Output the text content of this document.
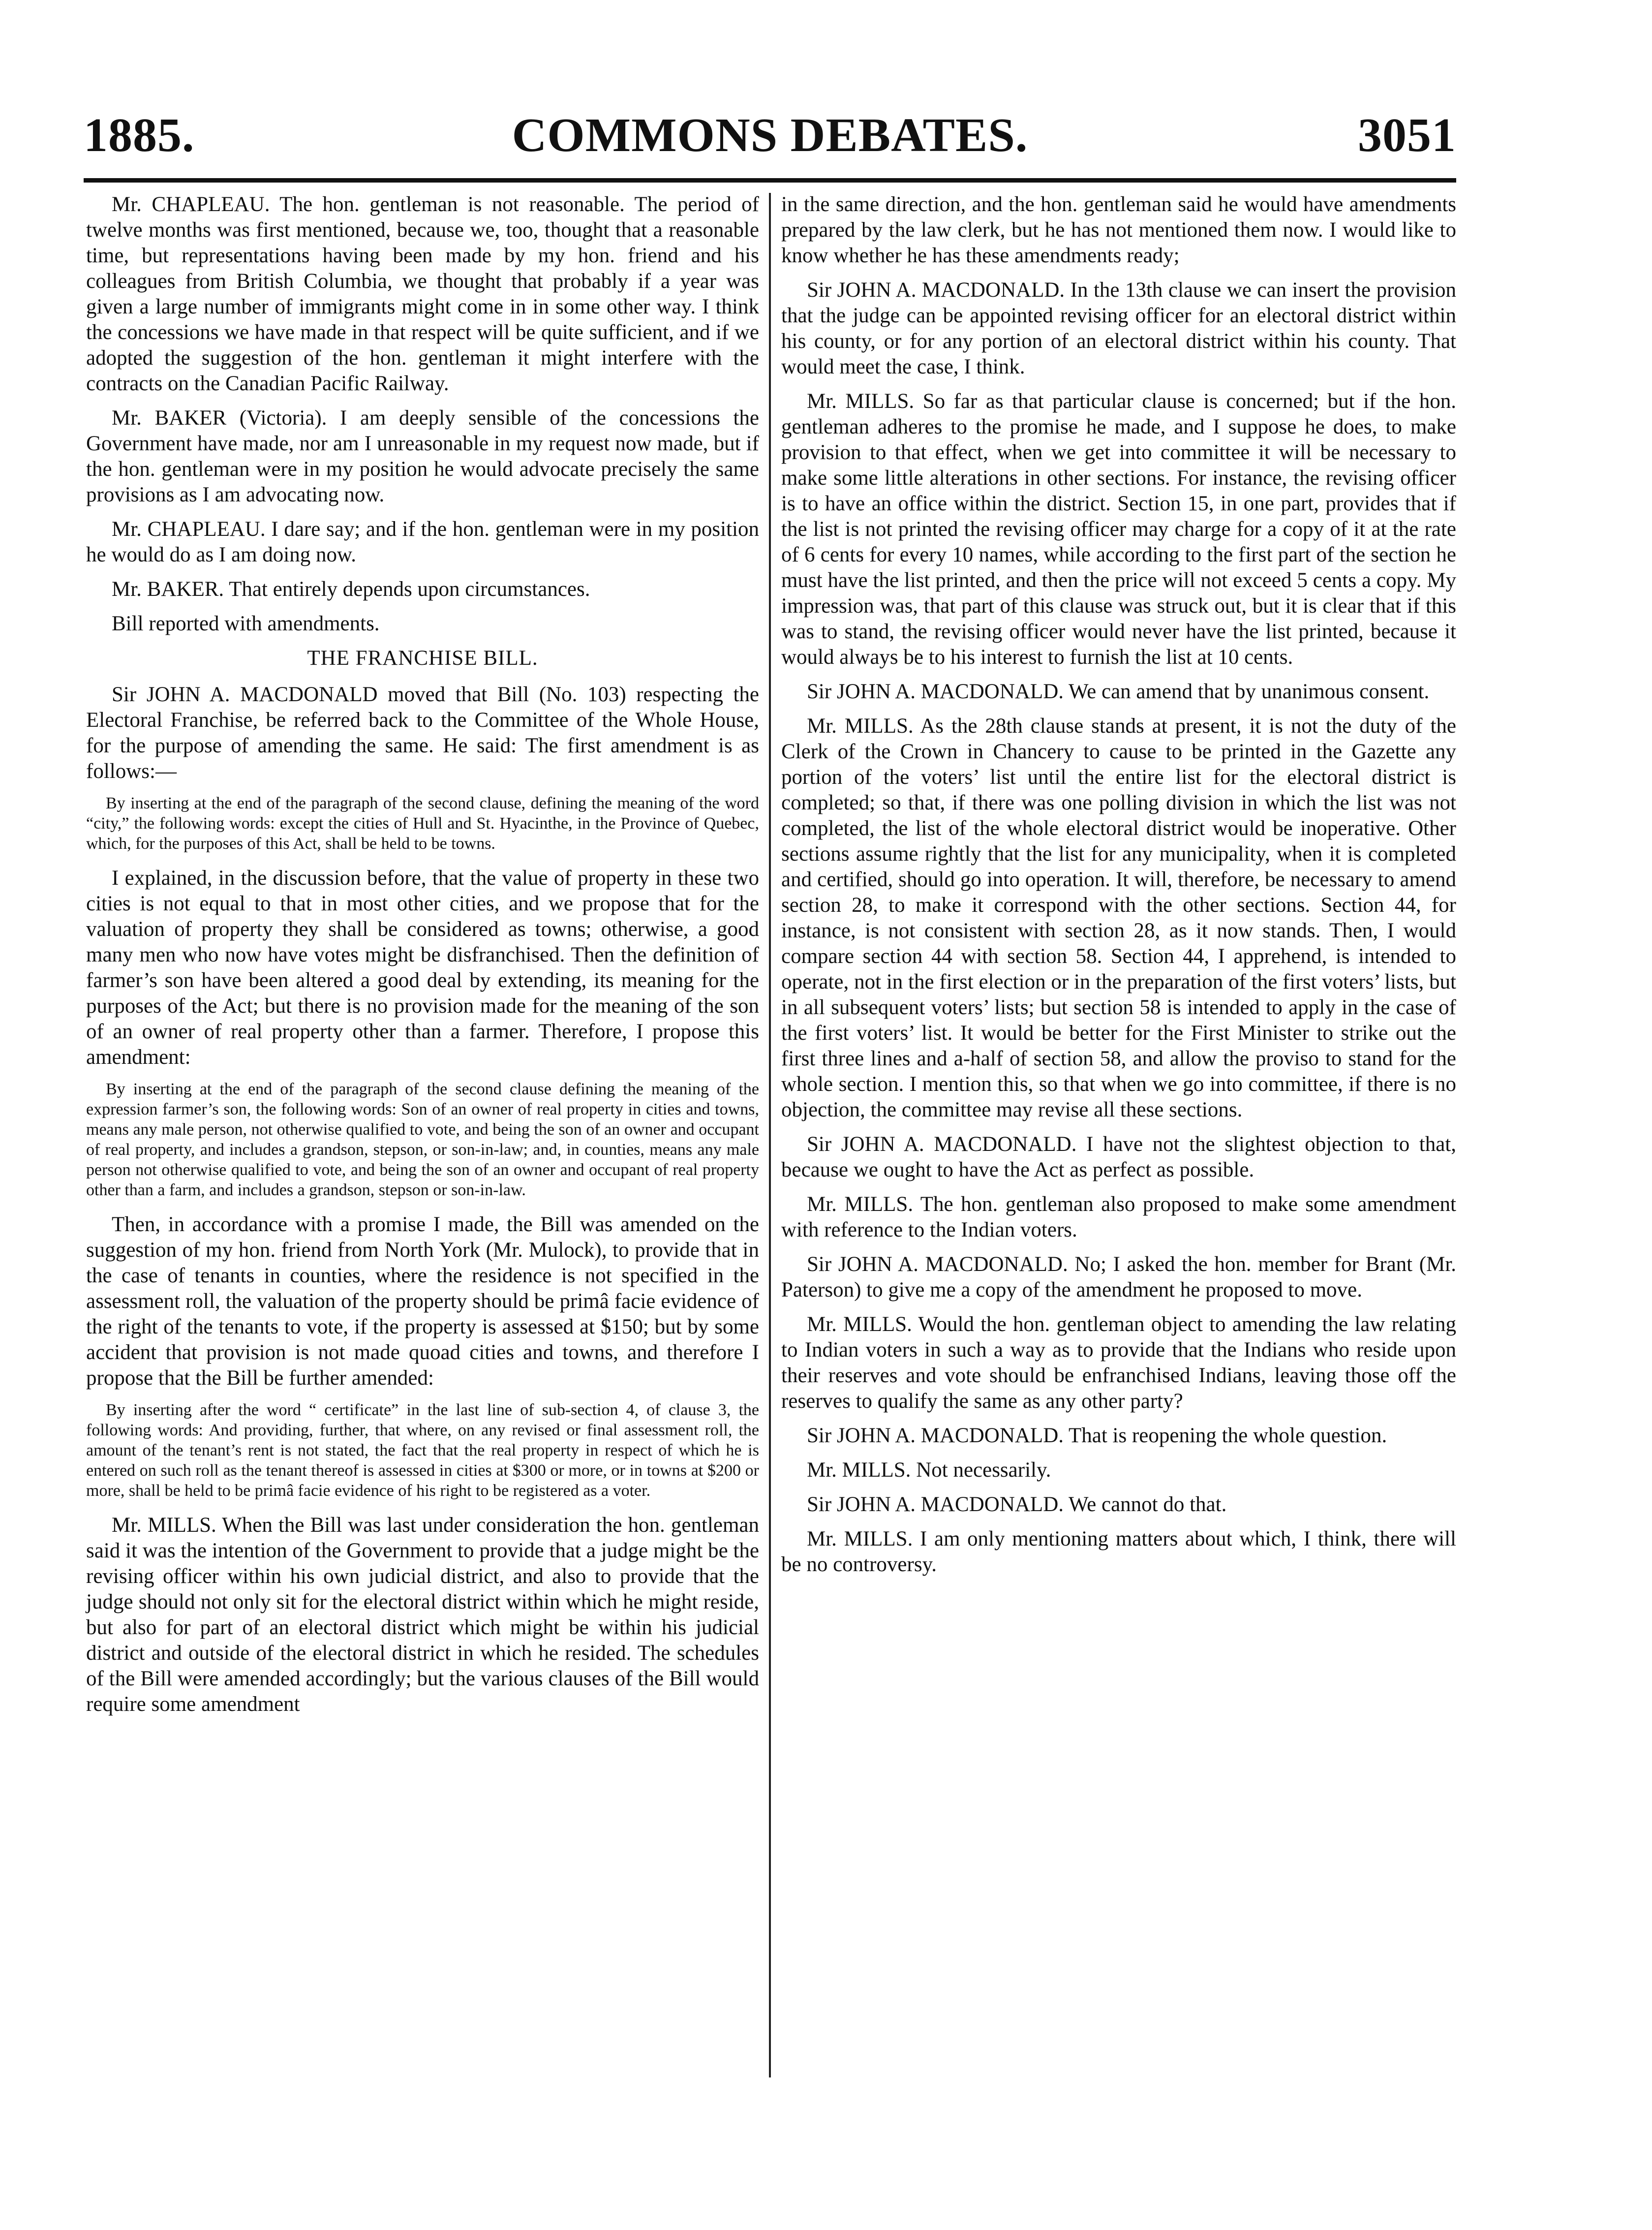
1885.	COMMONS DEBATES.	3051
Mr. CHAPLEAU. The hon. gentleman is not reasonable. The period of twelve months was first mentioned, because we, too, thought that a reasonable time, but representations having been made by my hon. friend and his colleagues from British Columbia, we thought that probably if a year was given a large number of immigrants might come in in some other way. I think the concessions we have made in that respect will be quite sufficient, and if we adopted the suggestion of the hon. gentleman it might interfere with the contracts on the Canadian Pacific Railway.
Mr. BAKER (Victoria). I am deeply sensible of the concessions the Government have made, nor am I unreasonable in my request now made, but if the hon. gentleman were in my position he would advocate precisely the same provisions as I am advocating now.
Mr. CHAPLEAU. I dare say; and if the hon. gentleman were in my position he would do as I am doing now.
Mr. BAKER. That entirely depends upon circumstances.
Bill reported with amendments.
THE FRANCHISE BILL.
Sir JOHN A. MACDONALD moved that Bill (No. 103) respecting the Electoral Franchise, be referred back to the Committee of the Whole House, for the purpose of amending the same. He said: The first amendment is as follows:—
By inserting at the end of the paragraph of the second clause, defining the meaning of the word “city,” the following words: except the cities of Hull and St. Hyacinthe, in the Province of Quebec, which, for the purposes of this Act, shall be held to be towns.
I explained, in the discussion before, that the value of property in these two cities is not equal to that in most other cities, and we propose that for the valuation of property they shall be considered as towns; otherwise, a good many men who now have votes might be disfranchised. Then the definition of farmer’s son have been altered a good deal by extending, its meaning for the purposes of the Act; but there is no provision made for the meaning of the son of an owner of real property other than a farmer. Therefore, I propose this amendment:
By inserting at the end of the paragraph of the second clause defining the meaning of the expression farmer’s son, the following words: Son of an owner of real property in cities and towns, means any male person, not otherwise qualified to vote, and being the son of an owner and occupant of real property, and includes a grandson, stepson, or son-in-law; and, in counties, means any male person not otherwise qualified to vote, and being the son of an owner and occupant of real property other than a farm, and includes a grandson, stepson or son-in-law.
Then, in accordance with a promise I made, the Bill was amended on the suggestion of my hon. friend from North York (Mr. Mulock), to provide that in the case of tenants in counties, where the residence is not specified in the assessment roll, the valuation of the property should be primâ facie evidence of the right of the tenants to vote, if the property is assessed at $150; but by some accident that provision is not made quoad cities and towns, and therefore I propose that the Bill be further amended:
By inserting after the word “ certificate” in the last line of sub-section 4, of clause 3, the following words: And providing, further, that where, on any revised or final assessment roll, the amount of the tenant’s rent is not stated, the fact that the real property in respect of which he is entered on such roll as the tenant thereof is assessed in cities at $300 or more, or in towns at $200 or more, shall be held to be primâ facie evidence of his right to be registered as a voter.
Mr. MILLS. When the Bill was last under consideration the hon. gentleman said it was the intention of the Government to provide that a judge might be the revising officer within his own judicial district, and also to provide that the judge should not only sit for the electoral district within which he might reside, but also for part of an electoral district which might be within his judicial district and outside of the electoral district in which he resided. The schedules of the Bill were amended accordingly; but the various clauses of the Bill would require some amendment
in the same direction, and the hon. gentleman said he would have amendments prepared by the law clerk, but he has not mentioned them now. I would like to know whether he has these amendments ready;
Sir JOHN A. MACDONALD. In the 13th clause we can insert the provision that the judge can be appointed revising officer for an electoral district within his county, or for any portion of an electoral district within his county. That would meet the case, I think.
Mr. MILLS. So far as that particular clause is concerned; but if the hon. gentleman adheres to the promise he made, and I suppose he does, to make provision to that effect, when we get into committee it will be necessary to make some little alterations in other sections. For instance, the revising officer is to have an office within the district. Section 15, in one part, provides that if the list is not printed the revising officer may charge for a copy of it at the rate of 6 cents for every 10 names, while according to the first part of the section he must have the list printed, and then the price will not exceed 5 cents a copy. My impression was, that part of this clause was struck out, but it is clear that if this was to stand, the revising officer would never have the list printed, because it would always be to his interest to furnish the list at 10 cents.
Sir JOHN A. MACDONALD. We can amend that by unanimous consent.
Mr. MILLS. As the 28th clause stands at present, it is not the duty of the Clerk of the Crown in Chancery to cause to be printed in the Gazette any portion of the voters’ list until the entire list for the electoral district is completed; so that, if there was one polling division in which the list was not completed, the list of the whole electoral district would be inoperative. Other sections assume rightly that the list for any municipality, when it is completed and certified, should go into operation. It will, therefore, be necessary to amend section 28, to make it correspond with the other sections. Section 44, for instance, is not consistent with section 28, as it now stands. Then, I would compare section 44 with section 58. Section 44, I apprehend, is intended to operate, not in the first election or in the preparation of the first voters’ lists, but in all subsequent voters’ lists; but section 58 is intended to apply in the case of the first voters’ list. It would be better for the First Minister to strike out the first three lines and a-half of section 58, and allow the proviso to stand for the whole section. I mention this, so that when we go into committee, if there is no objection, the committee may revise all these sections.
Sir JOHN A. MACDONALD. I have not the slightest objection to that, because we ought to have the Act as perfect as possible.
Mr. MILLS. The hon. gentleman also proposed to make some amendment with reference to the Indian voters.
Sir JOHN A. MACDONALD. No; I asked the hon. member for Brant (Mr. Paterson) to give me a copy of the amendment he proposed to move.
Mr. MILLS. Would the hon. gentleman object to amending the law relating to Indian voters in such a way as to provide that the Indians who reside upon their reserves and vote should be enfranchised Indians, leaving those off the reserves to qualify the same as any other party?
Sir JOHN A. MACDONALD. That is reopening the whole question.
Mr. MILLS. Not necessarily.
Sir JOHN A. MACDONALD. We cannot do that.
Mr. MILLS. I am only mentioning matters about which, I think, there will be no controversy.
